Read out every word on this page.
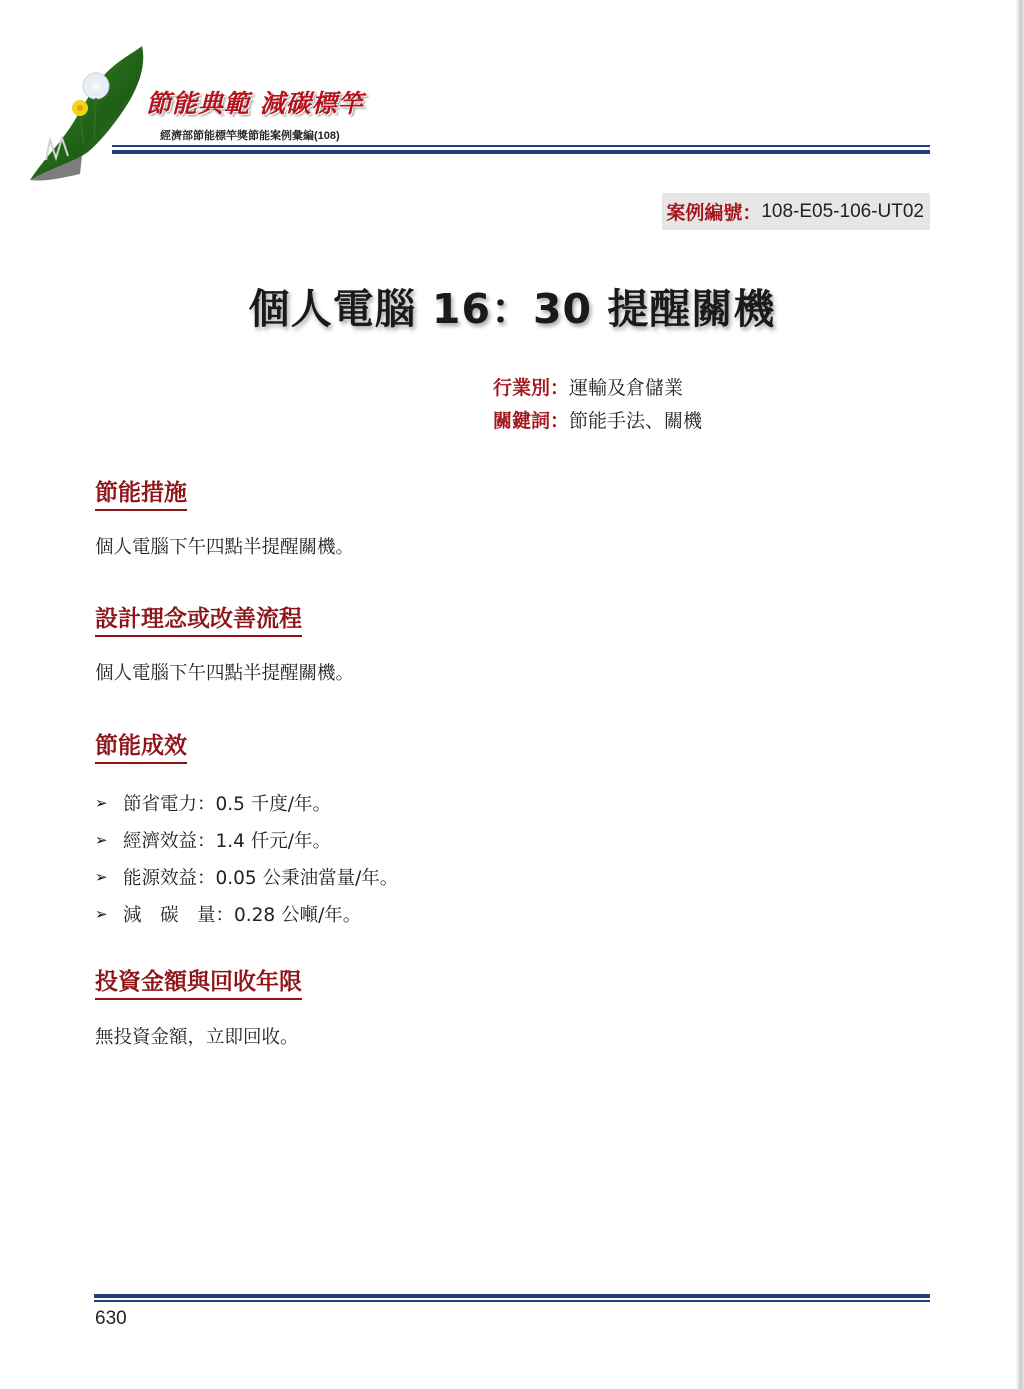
節能典範 減碳標竿

經濟部節能標竿獎節能案例彙編(108)

案例編號： 108-E05-106-UT02
個人電腦 16：30 提醒關機
行業別：運輸及倉儲業
關鍵詞：節能手法、關機
節能措施

個人電腦下午四點半提醒關機。

設計理念或改善流程

個人電腦下午四點半提醒關機。

節能成效
➢ 節省電力：0.5 千度/年。
➢ 經濟效益：1.4 仟元/年。
➢ 能源效益：0.05 公秉油當量/年。
➢ 減　碳　量：0.28 公噸/年。
投資金額與回收年限

無投資金額，立即回收。

630
